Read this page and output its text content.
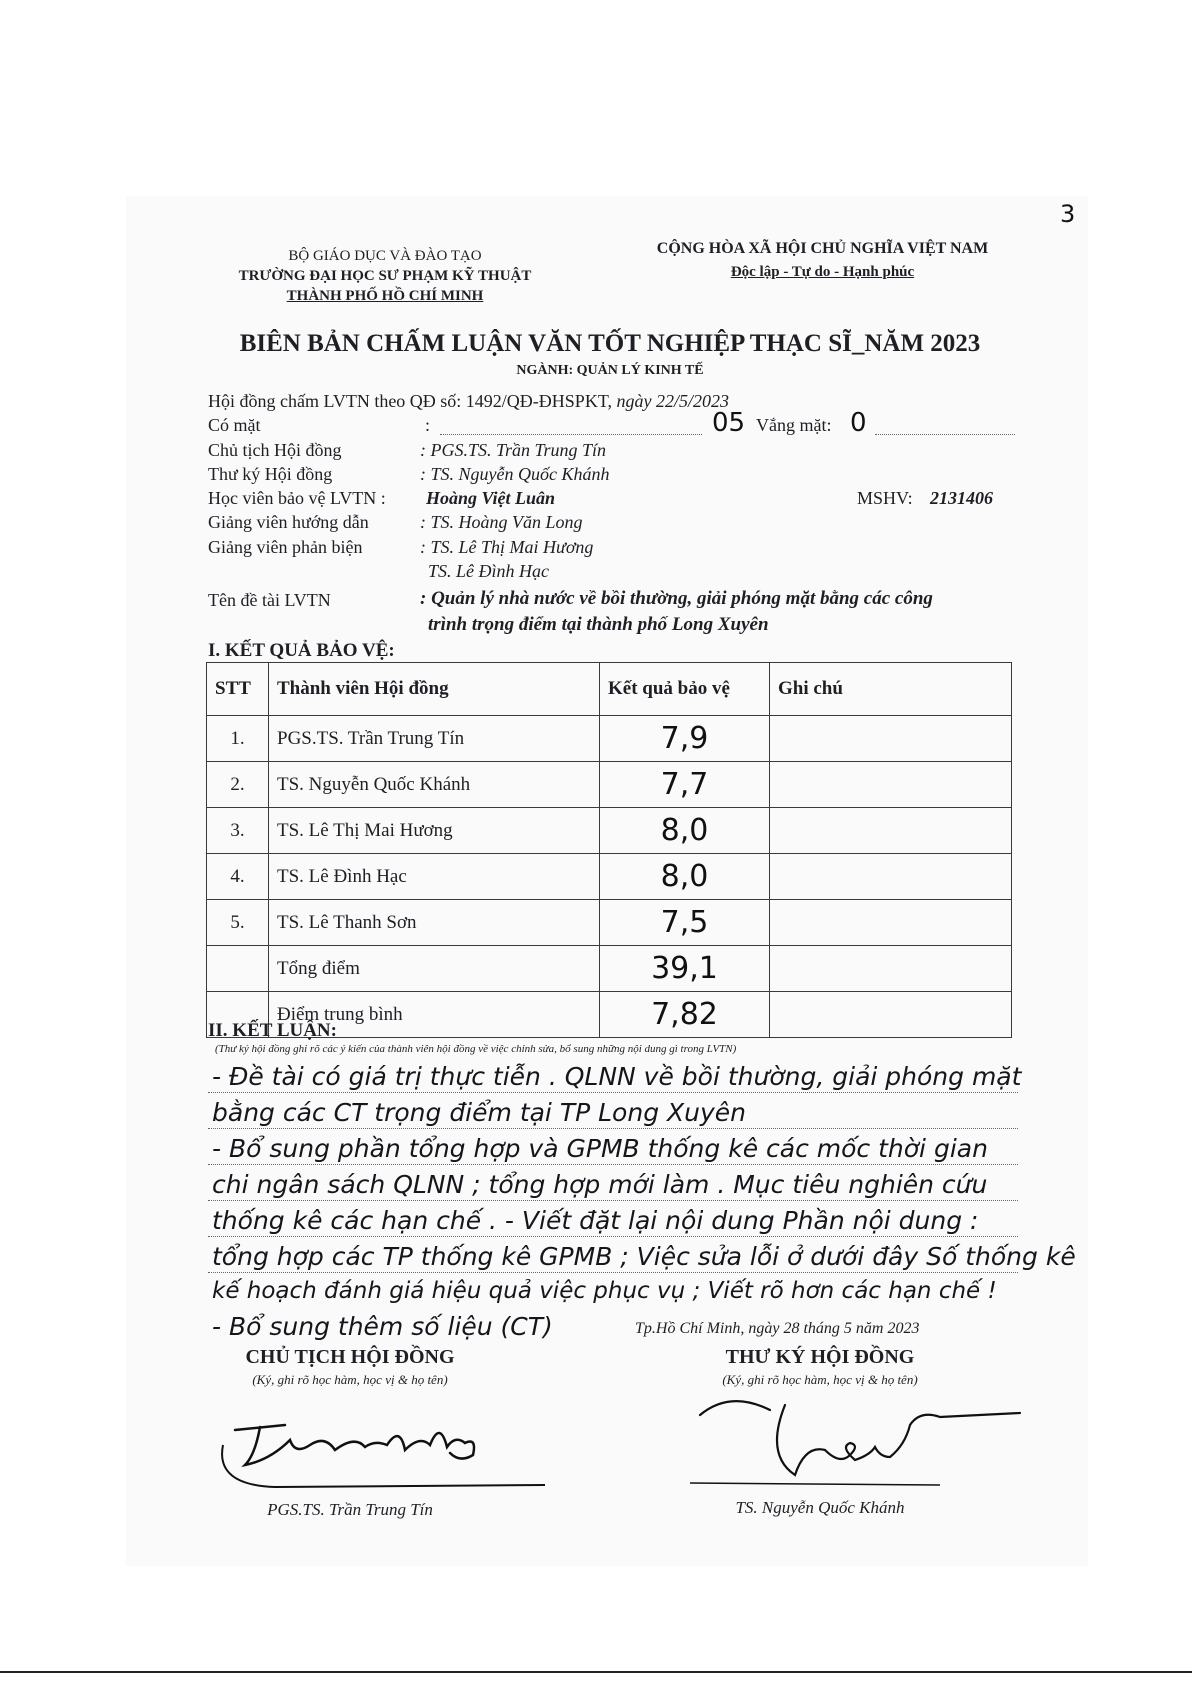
3
BỘ GIÁO DỤC VÀ ĐÀO TẠO
TRƯỜNG ĐẠI HỌC SƯ PHẠM KỸ THUẬT
THÀNH PHỐ HỒ CHÍ MINH
CỘNG HÒA XÃ HỘI CHỦ NGHĨA VIỆT NAM
Độc lập - Tự do - Hạnh phúc
BIÊN BẢN CHẤM LUẬN VĂN TỐT NGHIỆP THẠC SĨ_NĂM 2023
NGÀNH: QUẢN LÝ KINH TẾ
Hội đồng chấm LVTN theo QĐ số: 1492/QĐ-ĐHSPKT, ngày 22/5/2023
Có mặt	:	05 Vắng mặt: 0
Chủ tịch Hội đồng	: PGS.TS. Trần Trung Tín
Thư ký Hội đồng	: TS. Nguyễn Quốc Khánh
Học viên bảo vệ LVTN : Hoàng Việt Luân	MSHV: 2131406
Giảng viên hướng dẫn	: TS. Hoàng Văn Long
Giảng viên phản biện	: TS. Lê Thị Mai Hương
TS. Lê Đình Hạc
Tên đề tài LVTN	: Quản lý nhà nước về bồi thường, giải phóng mặt bằng các công
trình trọng điểm tại thành phố Long Xuyên
I. KẾT QUẢ BẢO VỆ:
STT	Thành viên Hội đồng	Kết quả bảo vệ	Ghi chú
1.	PGS.TS. Trần Trung Tín	7,9	
2.	TS. Nguyễn Quốc Khánh	7,7	
3.	TS. Lê Thị Mai Hương	8,0	
4.	TS. Lê Đình Hạc	8,0	
5.	TS. Lê Thanh Sơn	7,5	
	Tổng điểm	39,1	
	Điểm trung bình	7,82	
II. KẾT LUẬN:
(Thư ký hội đồng ghi rõ các ý kiến của thành viên hội đồng về việc chỉnh sửa, bổ sung những nội dung gì trong LVTN)
- Đề tài có giá trị thực tiễn . QLNN về bồi thường, giải phóng mặt
bằng các CT trọng điểm tại TP Long Xuyên
- Bổ sung phần tổng hợp và GPMB thống kê các mốc thời gian
chi ngân sách QLNN ; tổng hợp mới làm . Mục tiêu nghiên cứu
thống kê các hạn chế . - Viết đặt lại nội dung Phần nội dung :
tổng hợp các TP thống kê GPMB ; Việc sửa lỗi ở dưới đây Số thống kê
kế hoạch đánh giá hiệu quả việc phục vụ ; Viết rõ hơn các hạn chế !
- Bổ sung thêm số liệu (CT)	Tp.Hồ Chí Minh, ngày 28 tháng 5 năm 2023
CHỦ TỊCH HỘI ĐỒNG
(Ký, ghi rõ học hàm, học vị & họ tên)
PGS.TS. Trần Trung Tín
THƯ KÝ HỘI ĐỒNG
(Ký, ghi rõ học hàm, học vị & họ tên)
TS. Nguyễn Quốc Khánh
